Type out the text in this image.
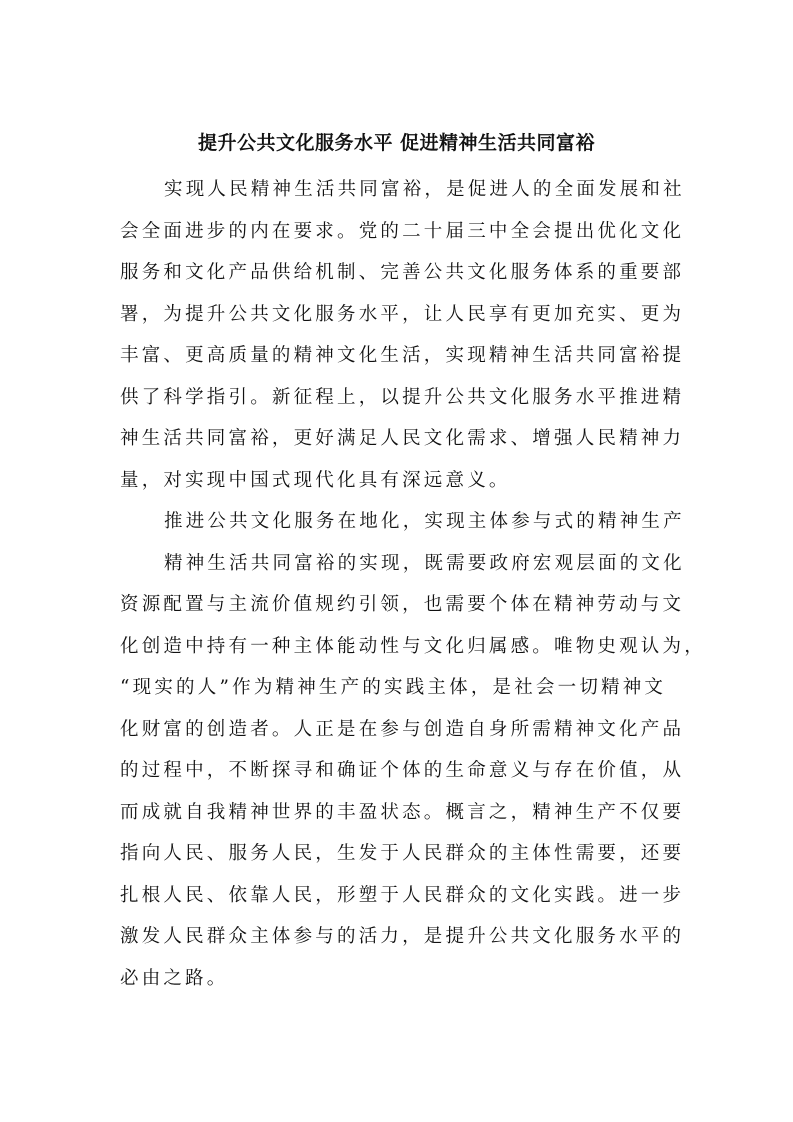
提升公共文化服务水平 促进精神生活共同富裕

实现人民精神生活共同富裕，是促进人的全面发展和社

会全面进步的内在要求。党的二十届三中全会提出优化文化

服务和文化产品供给机制、完善公共文化服务体系的重要部

署，为提升公共文化服务水平，让人民享有更加充实、更为

丰富、更高质量的精神文化生活，实现精神生活共同富裕提

供了科学指引。新征程上，以提升公共文化服务水平推进精

神生活共同富裕，更好满足人民文化需求、增强人民精神力

量，对实现中国式现代化具有深远意义。

推进公共文化服务在地化，实现主体参与式的精神生产

精神生活共同富裕的实现，既需要政府宏观层面的文化

资源配置与主流价值规约引领，也需要个体在精神劳动与文

化创造中持有一种主体能动性与文化归属感。唯物史观认为，

“现实的人”作为精神生产的实践主体，是社会一切精神文

化财富的创造者。人正是在参与创造自身所需精神文化产品

的过程中，不断探寻和确证个体的生命意义与存在价值，从

而成就自我精神世界的丰盈状态。概言之，精神生产不仅要

指向人民、服务人民，生发于人民群众的主体性需要，还要

扎根人民、依靠人民，形塑于人民群众的文化实践。进一步

激发人民群众主体参与的活力，是提升公共文化服务水平的

必由之路。
